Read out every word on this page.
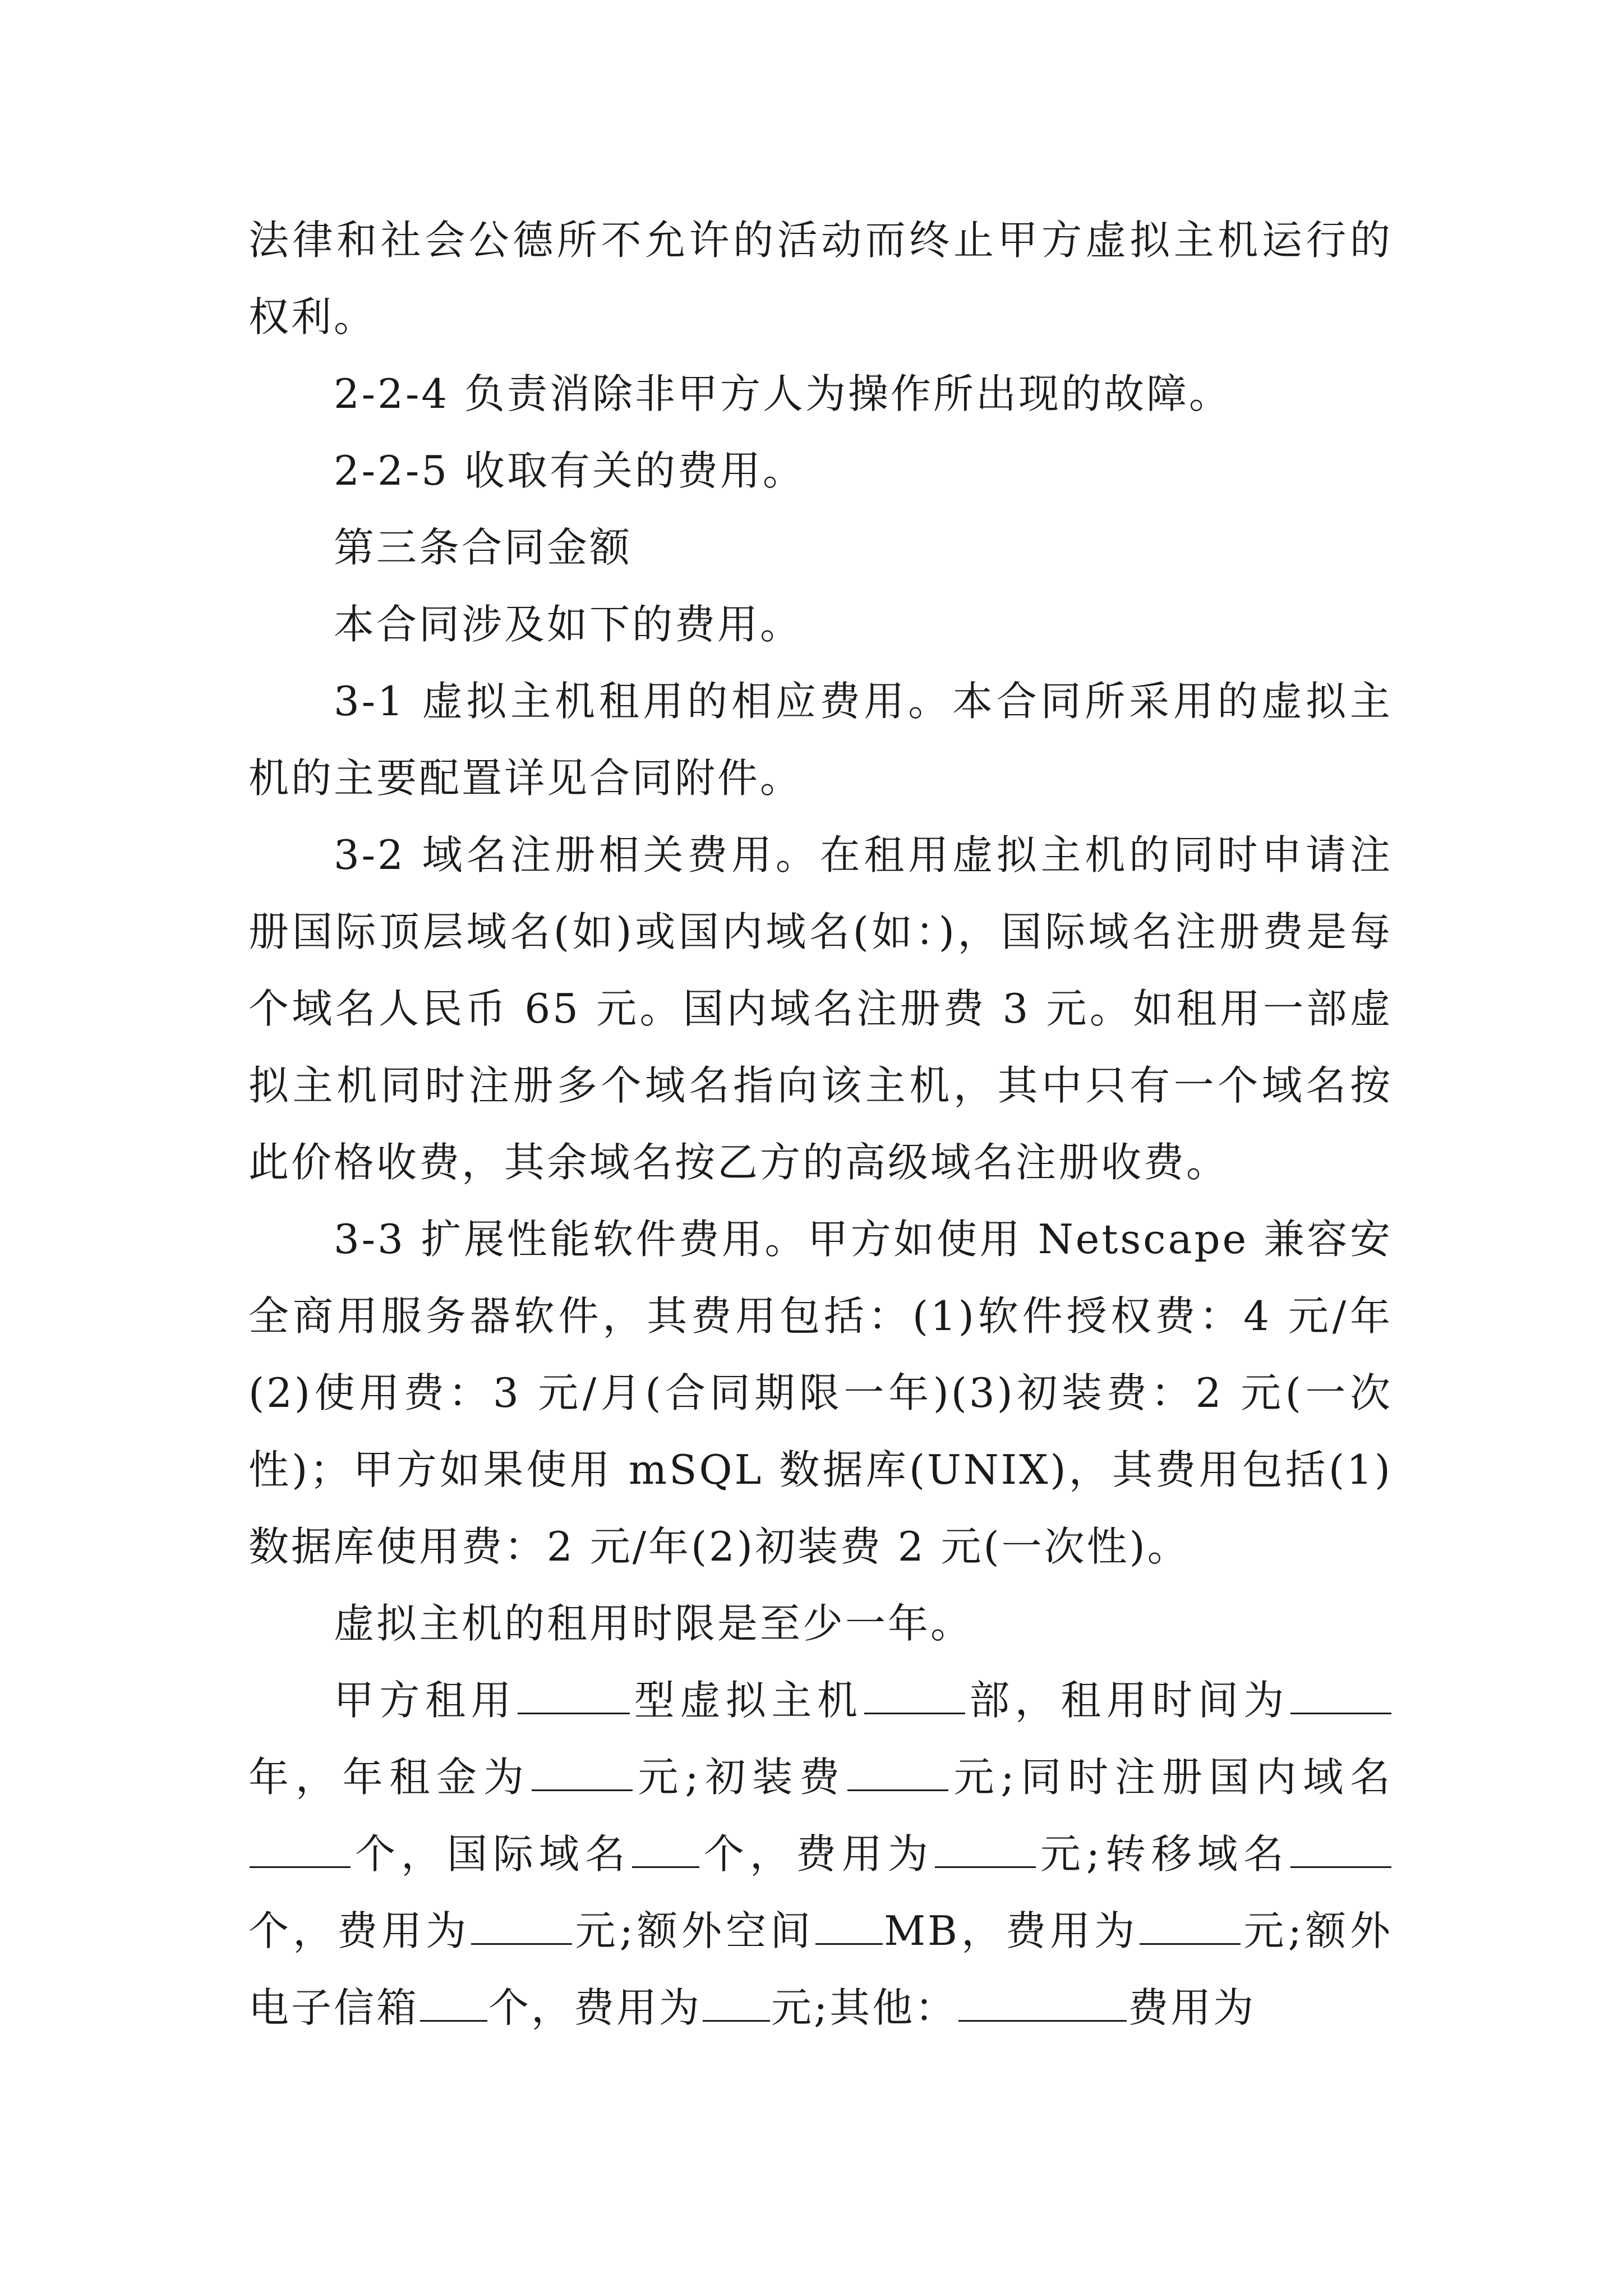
法律和社会公德所不允许的活动而终止甲方虚拟主机运行的权利。

2-2-4 负责消除非甲方人为操作所出现的故障。

2-2-5 收取有关的费用。

第三条合同金额

本合同涉及如下的费用。

3-1 虚拟主机租用的相应费用。本合同所采用的虚拟主机的主要配置详见合同附件。

3-2 域名注册相关费用。在租用虚拟主机的同时申请注册国际顶层域名(如)或国内域名(如：)，国际域名注册费是每个域名人民币 65 元。国内域名注册费 3 元。如租用一部虚拟主机同时注册多个域名指向该主机，其中只有一个域名按此价格收费，其余域名按乙方的高级域名注册收费。

3-3 扩展性能软件费用。甲方如使用 Netscape 兼容安全商用服务器软件，其费用包括：(1)软件授权费：4 元/年(2)使用费：3 元/月(合同期限一年)(3)初装费：2 元(一次性)；甲方如果使用 mSQL 数据库(UNIX)，其费用包括(1)数据库使用费：2 元/年(2)初装费 2 元(一次性)。

虚拟主机的租用时限是至少一年。

甲方租用	型虚拟主机	部，租用时间为年，年租金为	元;初装费	元;同时注册国内域名个，国际域名 个，费用为	元;转移域名个，费用为	元;额外空间 MB，费用为	元;额外电子信箱 个，费用为 元;其他：	费用为
